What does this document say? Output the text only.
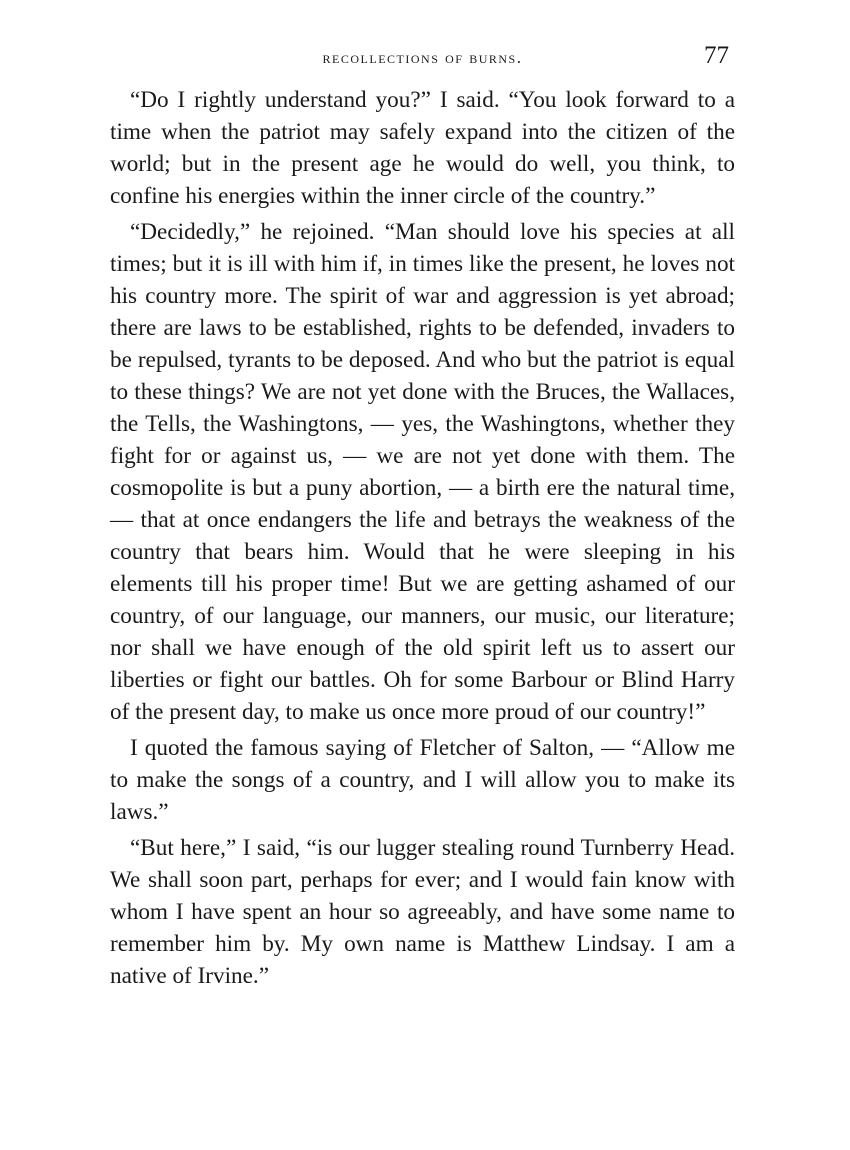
recollections of burns.	77

“Do I rightly understand you?” I said. “You look forward to a time when the patriot may safely expand into the citizen of the world; but in the present age he would do well, you think, to confine his energies within the inner circle of the country.”

“Decidedly,” he rejoined. “Man should love his species at all times; but it is ill with him if, in times like the present, he loves not his country more. The spirit of war and aggression is yet abroad; there are laws to be established, rights to be defended, invaders to be repulsed, tyrants to be deposed. And who but the patriot is equal to these things? We are not yet done with the Bruces, the Wallaces, the Tells, the Washingtons, — yes, the Washingtons, whether they fight for or against us, — we are not yet done with them. The cosmopolite is but a puny abortion, — a birth ere the natural time, — that at once endangers the life and betrays the weakness of the country that bears him. Would that he were sleeping in his elements till his proper time! But we are getting ashamed of our country, of our language, our manners, our music, our literature; nor shall we have enough of the old spirit left us to assert our liberties or fight our battles. Oh for some Barbour or Blind Harry of the present day, to make us once more proud of our country!”

I quoted the famous saying of Fletcher of Salton, — “Allow me to make the songs of a country, and I will allow you to make its laws.”

“But here,” I said, “is our lugger stealing round Turnberry Head. We shall soon part, perhaps for ever; and I would fain know with whom I have spent an hour so agreeably, and have some name to remember him by. My own name is Matthew Lindsay. I am a native of Irvine.”
